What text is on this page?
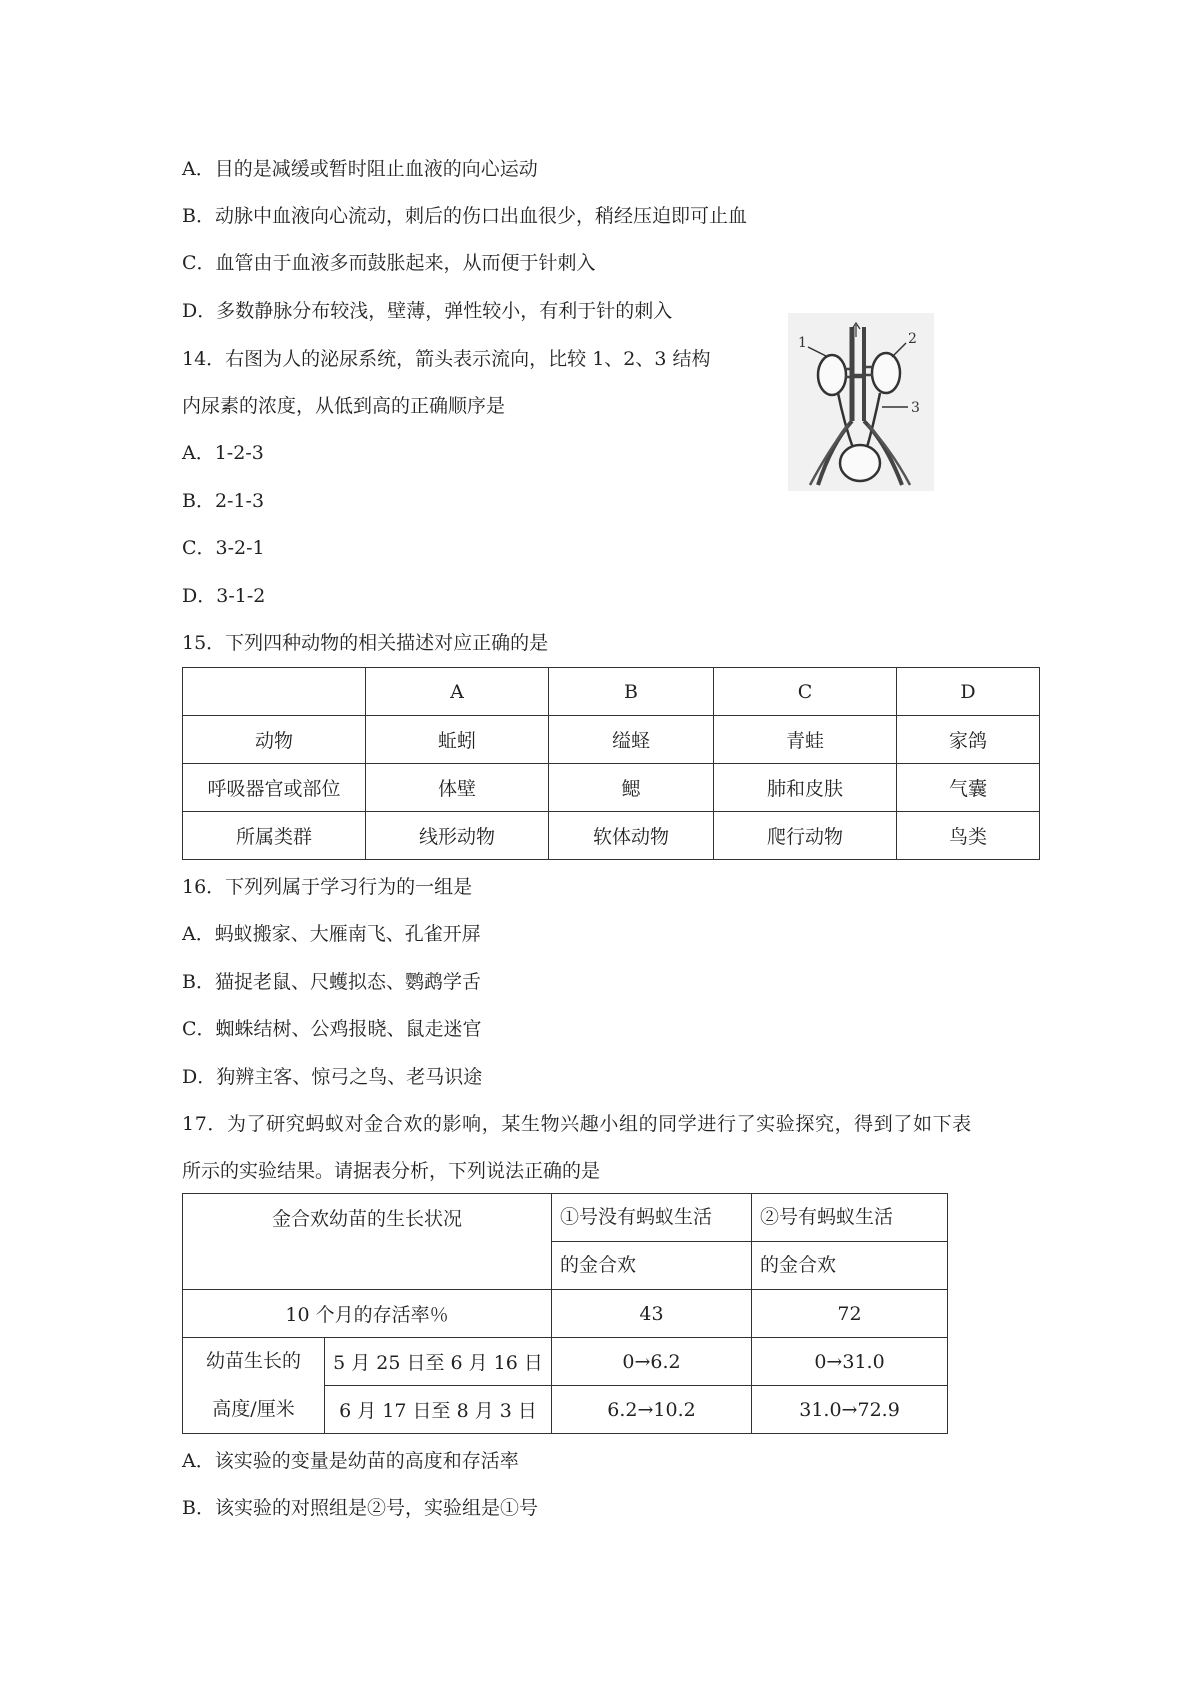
A．目的是减缓或暂时阻止血液的向心运动
B．动脉中血液向心流动，刺后的伤口出血很少，稍经压迫即可止血
C．血管由于血液多而鼓胀起来，从而便于针刺入
D．多数静脉分布较浅，壁薄，弹性较小，有利于针的刺入
14．右图为人的泌尿系统，箭头表示流向，比较 1、2、3 结构
内尿素的浓度，从低到高的正确顺序是
A．1-2-3
B．2-1-3
C．3-2-1
D．3-1-2
1	2
3
15．下列四种动物的相关描述对应正确的是
	A	B	C	D
动物	蚯蚓	缢蛏	青蛙	家鸽
呼吸器官或部位	体壁	鳃	肺和皮肤	气囊
所属类群	线形动物	软体动物	爬行动物	鸟类
16．下列列属于学习行为的一组是
A．蚂蚁搬家、大雁南飞、孔雀开屏
B．猫捉老鼠、尺蠖拟态、鹦鹉学舌
C．蜘蛛结树、公鸡报晓、鼠走迷官
D．狗辨主客、惊弓之鸟、老马识途
17．为了研究蚂蚁对金合欢的影响，某生物兴趣小组的同学进行了实验探究，得到了如下表
所示的实验结果。请据表分析，下列说法正确的是
金合欢幼苗的生长状况		①号没有蚂蚁生活	②号有蚂蚁生活
		的金合欢	的金合欢
10 个月的存活率％		43	72
幼苗生长的	5 月 25 日至 6 月 16 日	0→6.2	0→31.0
高度/厘米	6 月 17 日至 8 月 3 日	6.2→10.2	31.0→72.9
A．该实验的变量是幼苗的高度和存活率
B．该实验的对照组是②号，实验组是①号
